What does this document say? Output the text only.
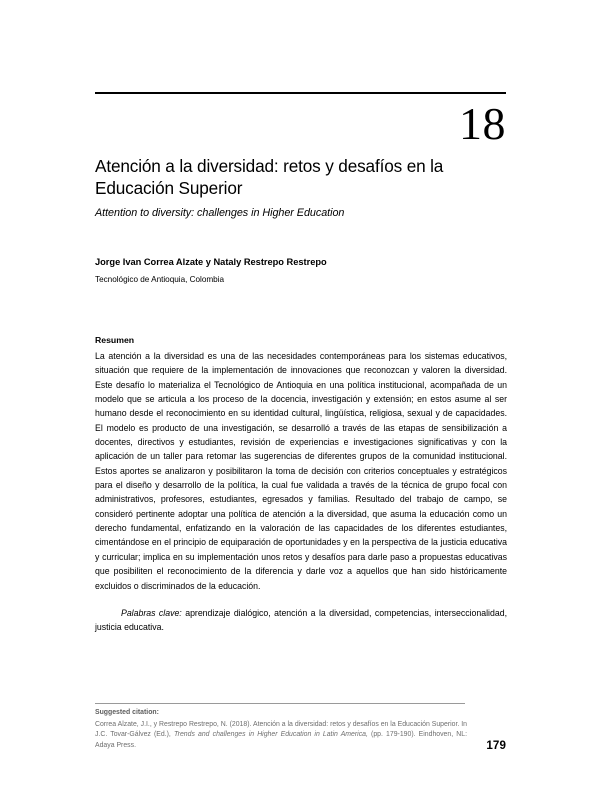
18
Atención a la diversidad: retos y desafíos en la Educación Superior

Attention to diversity: challenges in Higher Education

Jorge Ivan Correa Alzate y Nataly Restrepo Restrepo

Tecnológico de Antioquia, Colombia

Resumen

La atención a la diversidad es una de las necesidades contemporáneas para los sistemas educativos, situación que requiere de la implementación de innovaciones que reconozcan y valoren la diversidad. Este desafío lo materializa el Tecnológico de Antioquia en una política institucional, acompañada de un modelo que se articula a los proceso de la docencia, investigación y extensión; en estos asume al ser humano desde el reconocimiento en su identidad cultural, lingüística, religiosa, sexual y de capacidades. El modelo es producto de una investigación, se desarrolló a través de las etapas de sensibilización a docentes, directivos y estudiantes, revisión de experiencias e investigaciones significativas y con la aplicación de un taller para retomar las sugerencias de diferentes grupos de la comunidad institucional. Estos aportes se analizaron y posibilitaron la toma de decisión con criterios conceptuales y estratégicos para el diseño y desarrollo de la política, la cual fue validada a través de la técnica de grupo focal con administrativos, profesores, estudiantes, egresados y familias. Resultado del trabajo de campo, se consideró pertinente adoptar una política de atención a la diversidad, que asuma la educación como un derecho fundamental, enfatizando en la valoración de las capacidades de los diferentes estudiantes, cimentándose en el principio de equiparación de oportunidades y en la perspectiva de la justicia educativa y curricular; implica en su implementación unos retos y desafíos para darle paso a propuestas educativas que posibiliten el reconocimiento de la diferencia y darle voz a aquellos que han sido históricamente excluidos o discriminados de la educación.

Palabras clave: aprendizaje dialógico, atención a la diversidad, competencias, interseccionalidad, justicia educativa.

Suggested citation:

Correa Alzate, J.I., y Restrepo Restrepo, N. (2018). Atención a la diversidad: retos y desafíos en la Educación Superior. In J.C. Tovar-Gálvez (Ed.), Trends and challenges in Higher Education in Latin America, (pp. 179-190). Eindhoven, NL: Adaya Press.	179
